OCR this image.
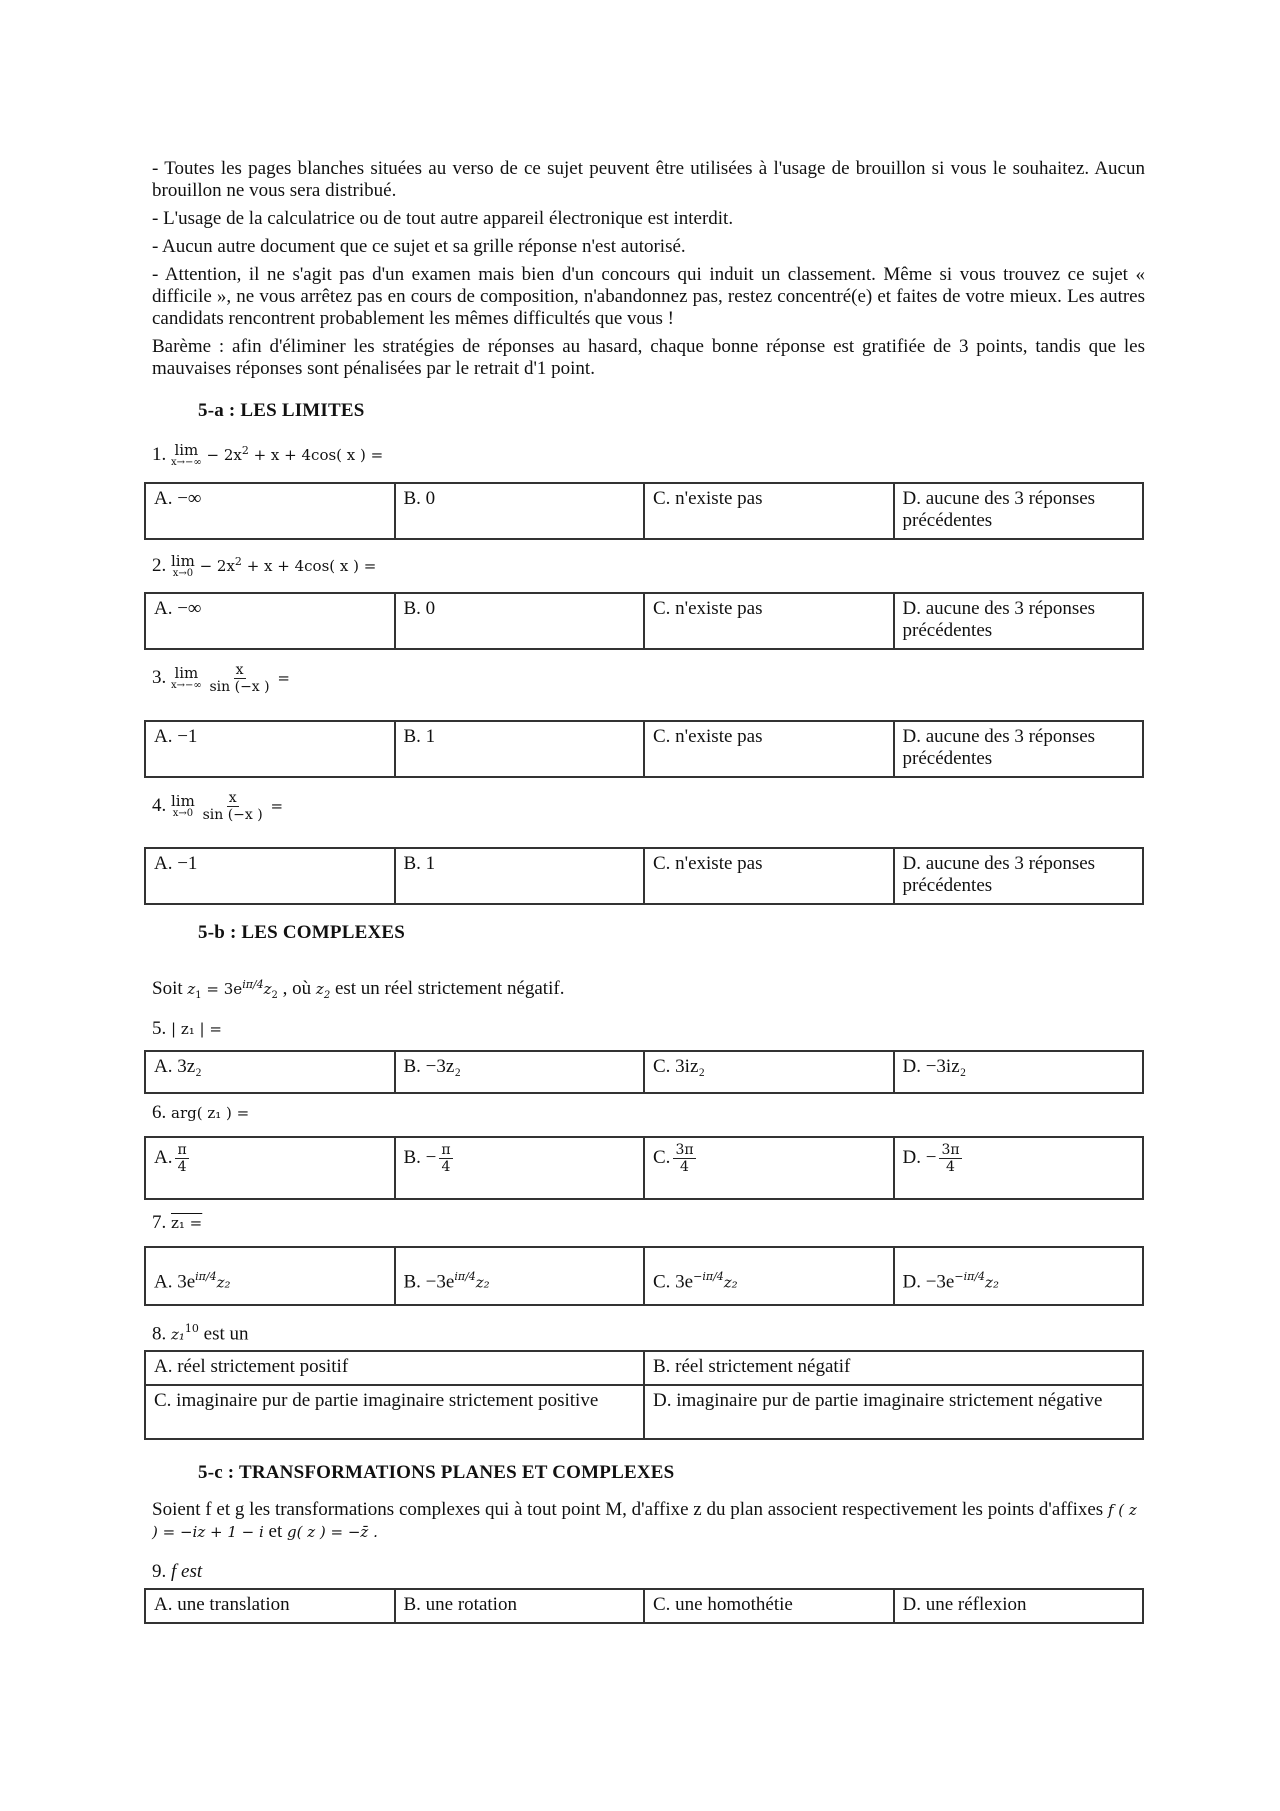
- Toutes les pages blanches situées au verso de ce sujet peuvent être utilisées à l'usage de brouillon si vous le souhaitez. Aucun brouillon ne vous sera distribué.

- L'usage de la calculatrice ou de tout autre appareil électronique est interdit.

- Aucun autre document que ce sujet et sa grille réponse n'est autorisé.

- Attention, il ne s'agit pas d'un examen mais bien d'un concours qui induit un classement. Même si vous trouvez ce sujet « difficile », ne vous arrêtez pas en cours de composition, n'abandonnez pas, restez concentré(e) et faites de votre mieux. Les autres candidats rencontrent probablement les mêmes difficultés que vous !

Barème : afin d'éliminer les stratégies de réponses au hasard, chaque bonne réponse est gratifiée de 3 points, tandis que les mauvaises réponses sont pénalisées par le retrait d'1 point.

5-a : LES LIMITES
1. lim
$x\to-\infty - 2x^2 + x + 4\cos$( x ) =
A. −∞	B. 0	C. n'existe pas	D. aucune des 3 réponses précédentes
2. lim
$x\to 0 - 2x^2 + x + 4\cos$( x ) =
A. −∞	B. 0	C. n'existe pas	D. aucune des 3 réponses précédentes
3. lim
x→−∞
$\frac{x}{\sin (-x )}$ =
A. −1	B. 1	C. n'existe pas	D. aucune des 3 réponses précédentes
4. lim
x→0
$\frac{x}{\sin (-x )}$ =
A. −1	B. 1	C. n'existe pas	D. aucune des 3 réponses précédentes
5-b : LES COMPLEXES
Soit $z_1 = 3e^{i\pi/4}z_2$ , où $z_2$ est un réel strictement négatif.
5. | z₁ | =
A. 3z₂	B. −3z₂	C. 3iz₂	D. −3iz₂
6. arg( z₁ ) =
A. $\frac{\pi}{4}$	B. − $\frac{\pi}{4}$	C. $\frac{3\pi}{4}$	D. − $\frac{3\pi}{4}$
7. z₁ =
A. $3e^{i\pi/4}z_2$	B. $-3e^{i\pi/4}z_2$	C. $3e^{-i\pi/4}z_2$	D. $-3e^{-i\pi/4}z_2$
8. z₁$^{10}$ est un
A. réel strictement positif	B. réel strictement négatif
C. imaginaire pur de partie imaginaire strictement positive	D. imaginaire pur de partie imaginaire strictement négative
5-c : TRANSFORMATIONS PLANES ET COMPLEXES
Soient f et g les transformations complexes qui à tout point M, d'affixe z du plan associent respectivement les points d'affixes f ( z ) = −iz + 1 − i et g( z ) = −z̄ .
9. f est
A. une translation	B. une rotation	C. une homothétie	D. une réflexion
